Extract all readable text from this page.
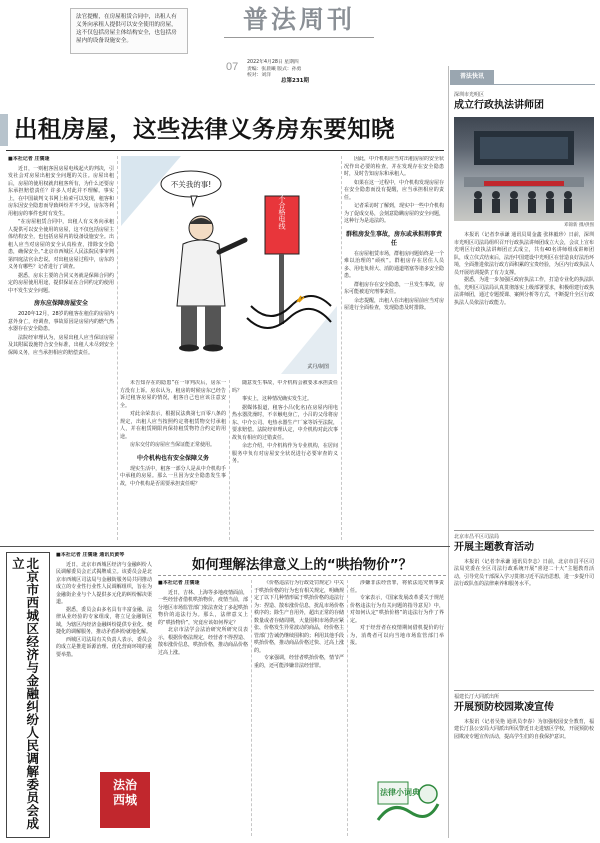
法官提醒，在房屋租赁合同中，出租人有义务向承租人提供可以安全使用的房屋，这不仅包括房屋主体结构安全，也包括房屋内的设备设施安全。
普法周刊
07 2022年4月28日 星期四
责编：张晨曦 版式：孙勇
校对：刘洋
总第231期
出租房屋，这些法律义务房东要知晓
■本社记者 庄儒逢

近日，一则租客因房屋电线起火的判决，引发社会对房屋出租安全问题的关注。房屋出租后，房屋的使用权就归租客所有，为什么还要房东承担赔偿责任？许多人对此并不理解。事实上，在中国裁判文书网上检索可以发现，租客和房东因安全隐患而导致纠纷并不少见，房东等利用租房的事件也时有发生。

“在房屋租赁合同中，出租人有义务向承租人提供可以安全使用的房屋，这不仅包括房屋主体结构安全，也包括房屋内的设备设施安全。出租人应当对房屋的安全认真检查，排除安全隐患，确保安全。”北京市西城区人民法院民事审判第四庭法官余忠说。对出租房屋过程中，房东的义务有哪些？记者进行了调查。

据悉，房东主要的合同义务就是保障合同约定的房屋使用用途，提供保证在合同约定的使用中不发生安全问题。

房东应保障房屋安全

2020年12月，28岁的租客在租住的房屋内意外身亡，经调查，事故原因是房屋内的燃气热水器存在安全隐患。

法院经审理认为，房屋出租人应当保证房屋及其附属设施符合安全标准，出租人未尽到安全保障义务，应当承担相应的赔偿责任。

不关我的事!
不合格电线
武丹/制图

未告知存在的隐患”在一审判决后，房东一方没有上诉。房东认为，租房的时候房东已经告诉过租客房屋的情况，租客自己也应该注意安全。

对此余荣表示，根据民法典第七百零八条的规定，出租人应当按照约定将租赁物交付承租人，并在租赁期限内保持租赁物符合约定的用途。

房东交付的房屋应当保证能正常使用。

中介机构也有安全保障义务

现实生活中，租客一部分人是从中介机构手中承租的房屋。那么一旦因为安全隐患发生事故，中介机构是否需要承担责任呢？

随意发生事故，中介机构会被要求承担责任吗？

事实上，这种情况确实发生过。

据媒体报道，租客小吕(化名)在房屋内用电热水器洗澡时，不幸触电身亡，小吕的父母将房东、中介公司、电热水器生产厂家等诉至法院，要求赔偿。法院经审理认定，中介机构对此次事故负有相应的过错责任。

余忠介绍，中介机构作为专业机构，在居间服务中负有对房屋安全状况进行必要审查的义务。

因此，中介机构应当对出租房屋的安全状况作出必要的检查，并在发现存在安全隐患时，及时告知房东和承租人。

如果在这一过程中，中介机构发现房屋存在安全隐患而没有提醒，应当承担相应的责任。

记者采访时了解到，现实中一些中介机构为了促成交易，会刻意隐瞒房屋的安全问题，这种行为是违法的。

群租房发生事故，房东或承担刑事责任

在房屋租赁市场，群租房问题始终是一个难以治理的“顽疾”。群租房存在居住人员多、用电负荷大、消防通道堵塞等诸多安全隐患。

群租房存在安全隐患，一旦发生事故，房东可能被追究刑事责任。

余忠提醒，出租人在出租房屋前应当对房屋进行全面检查，发现隐患及时排除。

普法快讯
深圳市光明区
成立行政执法讲师团
邓锦新 摄/供图

本报讯（记者李承谦 通讯员周金鑫 张林毅珍）日前，深圳市光明区司法局组织召开行政执法讲师团成立大会，会议上宣布光明区行政执法讲师团正式成立，共有40名讲师组成讲师团队，成立仪式结束后，法治中国建设中光明区在营造良好法治环境，全面推进依法行政方面积累的宝贵经验，为区内行政执法人员开展培训提供了有力支撑。

据悉，为进一步加强区政府执法工作，打造专业化的执法队伍，光明区司法局认真贯彻落实上级部署要求，积极组建行政执法讲师团，通过专题授课、案例分析等方式，不断提升全区行政执法人员依法行政能力。

北京市昌平区司法局
开展主题教育活动

本报讯（记者李承谦 通讯员李志）日前，北京市昌平区司法局党委在全区司法行政系统开展“喜迎二十大”主题教育活动，引导党员干部深入学习贯彻习近平法治思想，进一步提升司法行政队伍的法律素养和服务水平。

福建长汀大同派出所
开展预防校园欺凌宣传

本报讯（记者吴艳 通讯员李春）为加强校园安全教育，福建长汀县公安局大同派出所民警近日走进辖区学校，开展预防校园欺凌专题宣传活动，提高学生们的自我保护意识。

北京市西城区经济与金融纠纷人民调解委员会成立
■本社记者 庄儒逢 通讯员黄琴

近日，北京市西城区经济与金融纠纷人民调解委员会正式揭牌成立。该委员会是北京市西城区司法局与金融街服务局共同推动成立的专业性行业性人民调解组织，旨在为金融街企业与个人提供多元化的纠纷解决渠道。

据悉，委员会由多名具有丰富金融、法律从业经验的专家组成，将立足金融街区域，为辖区内经济金融纠纷提供专业化、便捷化的调解服务，推动矛盾纠纷就地化解。

西城区司法局有关负责人表示，委员会的成立是推进诉源治理、优化营商环境的重要举措。

法治西城
如何理解法律意义上的“哄抬物价”？
■本社记者 庄儒逢

近日，吉林、上海等多地疫情面前，一些经营者借机哄抬物价，疫情当前，部分地区市场监管部门依法查处了多起哄抬物价的违法行为。那么，法律意义上的“哄抬物价”，究竟应该如何界定？

北京市法学会法治研究所研究员表示，根据价格法规定，经营者不得捏造、散布涨价信息，哄抬价格，推动商品价格过高上涨。

《价格违法行为行政处罚规定》中关于哄抬价格的行为也有相关规定，明确规定了以下几种情形属于哄抬价格的违法行为：捏造、散布涨价信息，扰乱市场价格秩序的；除生产自用外，超出正常的存储数量或者存储周期，大量囤积市场供应紧张、价格发生异常波动的商品，经价格主管部门告诫仍继续囤积的；利用其他手段哄抬价格，推动商品价格过快、过高上涨的。

专家强调，经营者哄抬价格，情节严重的，还可能涉嫌非法经营罪。

涉嫌非法经营罪，将依法追究刑事责任。

专家表示，《国家发展改革委关于规范价格违法行为有关问题的指导意见》中，对如何认定“哄抬价格”的违法行为作了界定。

对于经营者在疫情期间借机提价的行为，消费者可以向当地市场监管部门举报。

法律小词典
